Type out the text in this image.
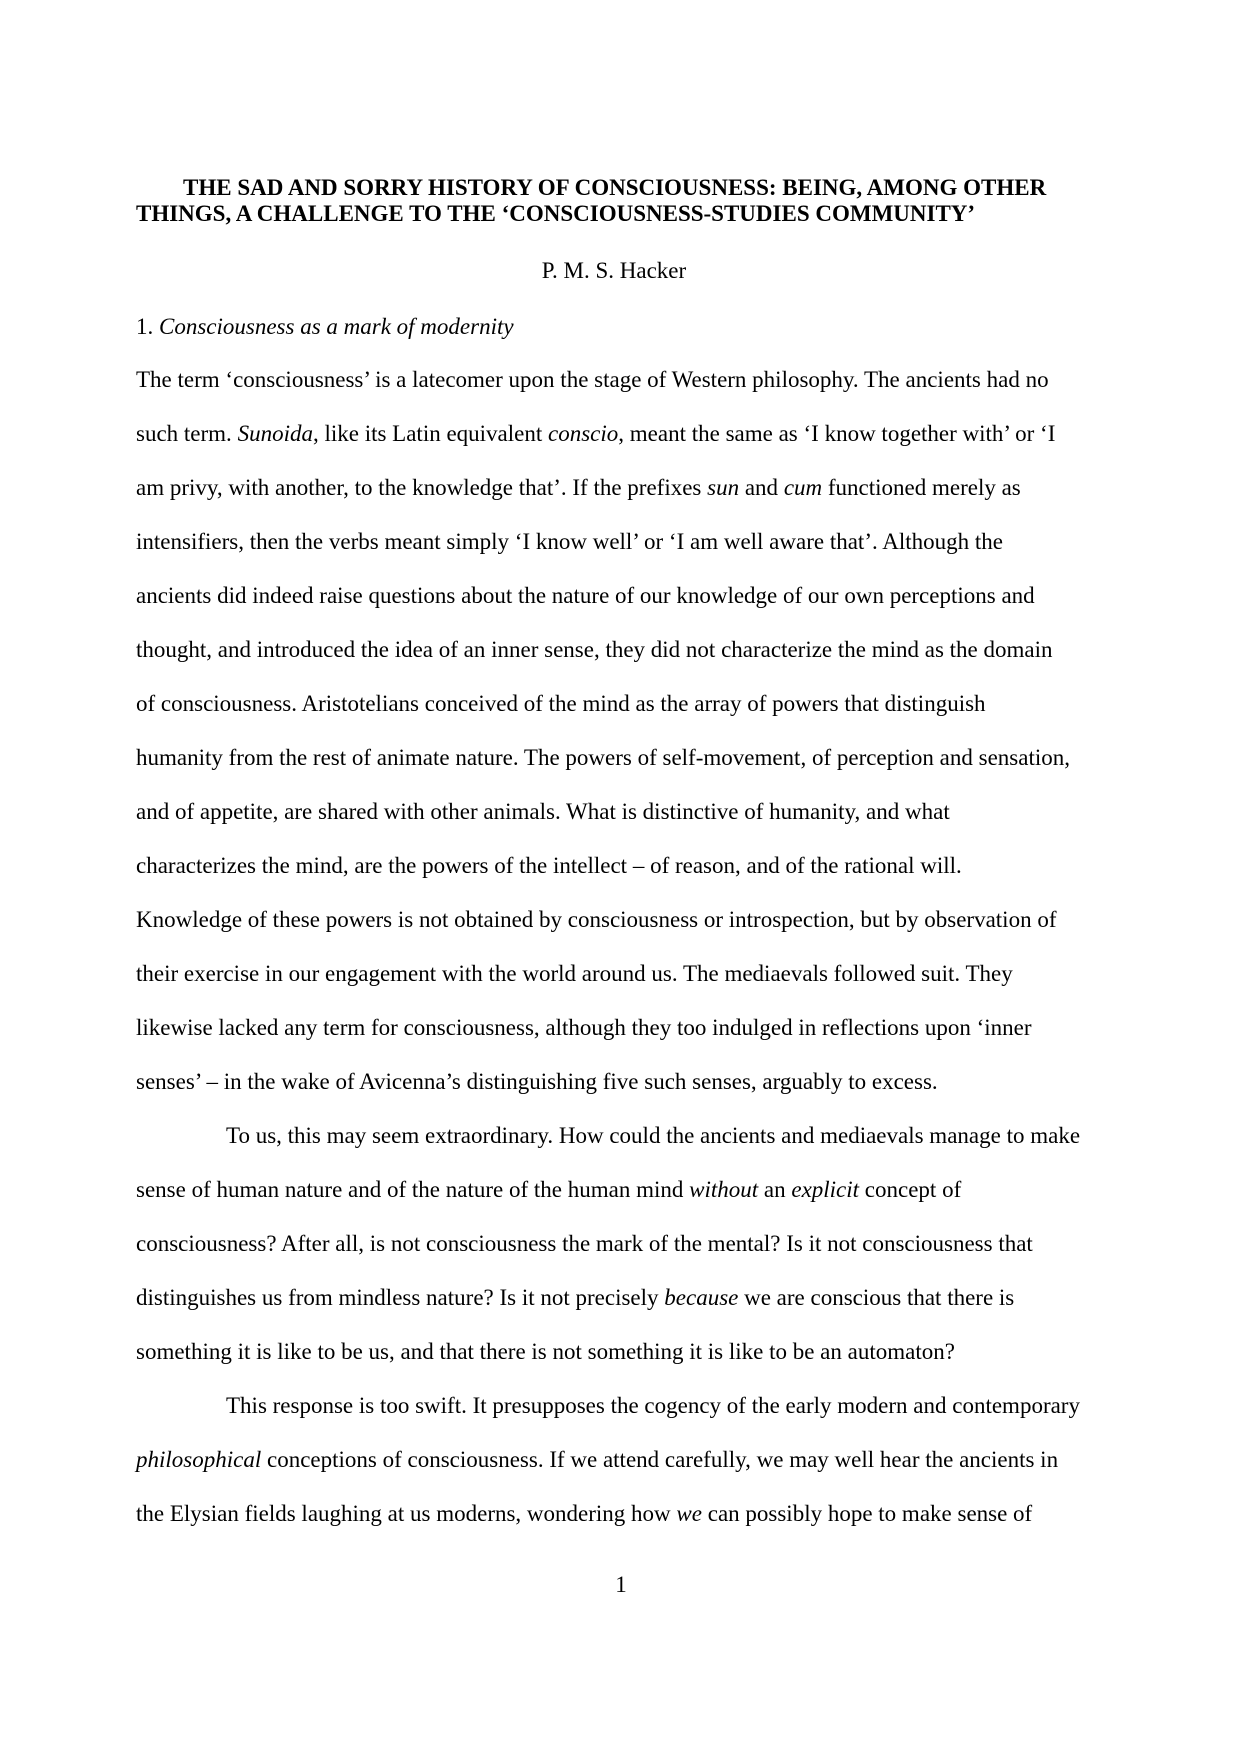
THE SAD AND SORRY HISTORY OF CONSCIOUSNESS: BEING, AMONG OTHER
THINGS, A CHALLENGE TO THE ‘CONSCIOUSNESS-STUDIES COMMUNITY’
P. M. S. Hacker
1. Consciousness as a mark of modernity
The term ‘consciousness’ is a latecomer upon the stage of Western philosophy. The ancients had no
such term. Sunoida, like its Latin equivalent conscio, meant the same as ‘I know together with’ or ‘I
am privy, with another, to the knowledge that’. If the prefixes sun and cum functioned merely as
intensifiers, then the verbs meant simply ‘I know well’ or ‘I am well aware that’. Although the
ancients did indeed raise questions about the nature of our knowledge of our own perceptions and
thought, and introduced the idea of an inner sense, they did not characterize the mind as the domain
of consciousness. Aristotelians conceived of the mind as the array of powers that distinguish
humanity from the rest of animate nature. The powers of self-movement, of perception and sensation,
and of appetite, are shared with other animals. What is distinctive of humanity, and what
characterizes the mind, are the powers of the intellect – of reason, and of the rational will.
Knowledge of these powers is not obtained by consciousness or introspection, but by observation of
their exercise in our engagement with the world around us. The mediaevals followed suit. They
likewise lacked any term for consciousness, although they too indulged in reflections upon ‘inner
senses’ – in the wake of Avicenna’s distinguishing five such senses, arguably to excess.
To us, this may seem extraordinary. How could the ancients and mediaevals manage to make
sense of human nature and of the nature of the human mind without an explicit concept of
consciousness? After all, is not consciousness the mark of the mental? Is it not consciousness that
distinguishes us from mindless nature? Is it not precisely because we are conscious that there is
something it is like to be us, and that there is not something it is like to be an automaton?
This response is too swift. It presupposes the cogency of the early modern and contemporary
philosophical conceptions of consciousness. If we attend carefully, we may well hear the ancients in
the Elysian fields laughing at us moderns, wondering how we can possibly hope to make sense of
1
